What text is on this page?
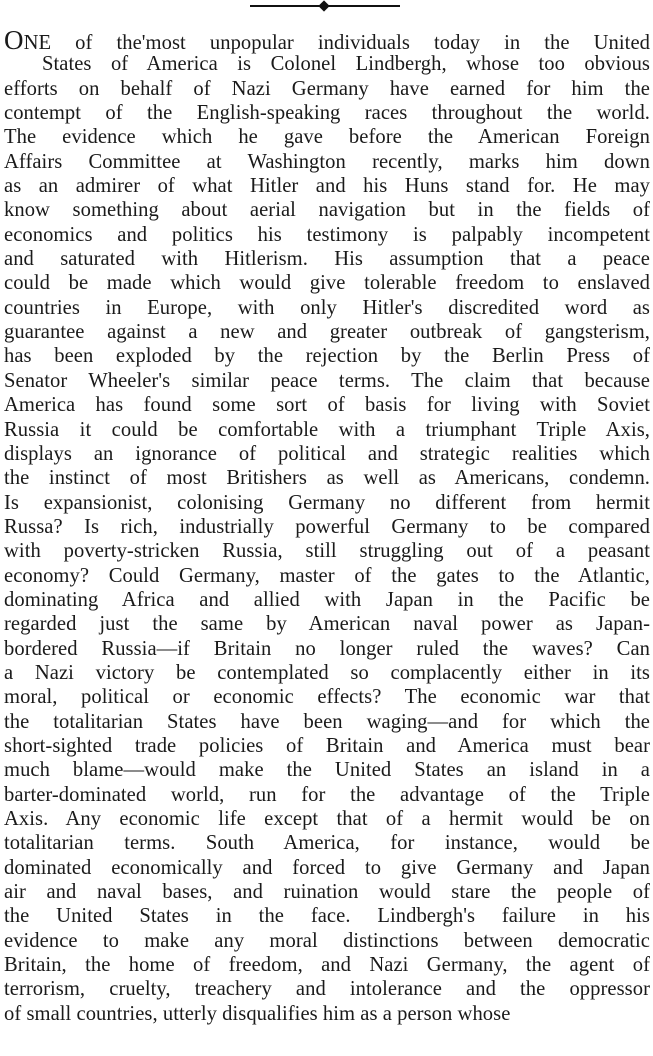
ONE of the'most unpopular individuals today in the United
States of America is Colonel Lindbergh, whose too obvious
efforts on behalf of Nazi Germany have earned for him the
contempt of the English-speaking races throughout the world.
The evidence which he gave before the American Foreign
Affairs Committee at Washington recently, marks him down
as an admirer of what Hitler and his Huns stand for. He may
know something about aerial navigation but in the fields of
economics and politics his testimony is palpably incompetent
and saturated with Hitlerism. His assumption that a peace
could be made which would give tolerable freedom to enslaved
countries in Europe, with only Hitler's discredited word as
guarantee against a new and greater outbreak of gangsterism,
has been exploded by the rejection by the Berlin Press of
Senator Wheeler's similar peace terms. The claim that because
America has found some sort of basis for living with Soviet
Russia it could be comfortable with a triumphant Triple Axis,
displays an ignorance of political and strategic realities which
the instinct of most Britishers as well as Americans, condemn.
Is expansionist, colonising Germany no different from hermit
Russa? Is rich, industrially powerful Germany to be compared
with poverty-stricken Russia, still struggling out of a peasant
economy? Could Germany, master of the gates to the Atlantic,
dominating Africa and allied with Japan in the Pacific be
regarded just the same by American naval power as Japan-
bordered Russia—if Britain no longer ruled the waves? Can
a Nazi victory be contemplated so complacently either in its
moral, political or economic effects? The economic war that
the totalitarian States have been waging—and for which the
short-sighted trade policies of Britain and America must bear
much blame—would make the United States an island in a
barter-dominated world, run for the advantage of the Triple
Axis. Any economic life except that of a hermit would be on
totalitarian terms. South America, for instance, would be
dominated economically and forced to give Germany and Japan
air and naval bases, and ruination would stare the people of
the United States in the face. Lindbergh's failure in his
evidence to make any moral distinctions between democratic
Britain, the home of freedom, and Nazi Germany, the agent of
terrorism, cruelty, treachery and intolerance and the oppressor
of small countries, utterly disqualifies him as a person whose
